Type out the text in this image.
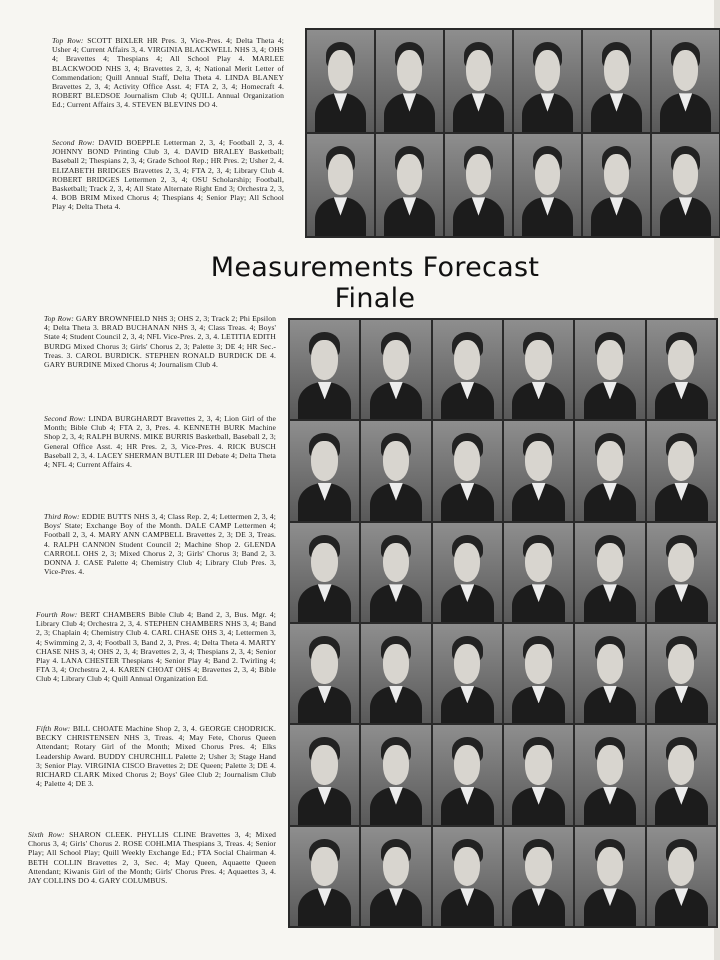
Top Row: SCOTT BIXLER HR Pres. 3, Vice-Pres. 4; Delta Theta 4; Usher 4; Current Affairs 3, 4. VIRGINIA BLACKWELL NHS 3, 4; OHS 4; Bravettes 4; Thespians 4; All School Play 4. MARLEE BLACKWOOD NHS 3, 4; Bravettes 2, 3, 4; National Merit Letter of Commendation; Quill Annual Staff, Delta Theta 4. LINDA BLANEY Bravettes 2, 3, 4; Activity Office Asst. 4; FTA 2, 3, 4; Homecraft 4. ROBERT BLEDSOE Journalism Club 4; QUILL Annual Organization Ed.; Current Affairs 3, 4. STEVEN BLEVINS DO 4.
Second Row: DAVID BOEPPLE Letterman 2, 3, 4; Football 2, 3, 4. JOHNNY BOND Printing Club 3, 4. DAVID BRALEY Basketball; Baseball 2; Thespians 2, 3, 4; Grade School Rep.; HR Pres. 2; Usher 2, 4. ELIZABETH BRIDGES Bravettes 2, 3, 4; FTA 2, 3, 4; Library Club 4. ROBERT BRIDGES Lettermen 2, 3, 4; OSU Scholarship; Football, Basketball; Track 2, 3, 4; All State Alternate Right End 3; Orchestra 2, 3, 4. BOB BRIM Mixed Chorus 4; Thespians 4; Senior Play; All School Play 4; Delta Theta 4.
Measurements Forecast Finale
Top Row: GARY BROWNFIELD NHS 3; OHS 2, 3; Track 2; Phi Epsilon 4; Delta Theta 3. BRAD BUCHANAN NHS 3, 4; Class Treas. 4; Boys' State 4; Student Council 2, 3, 4; NFL Vice-Pres. 2, 3, 4. LETITIA EDITH BURDG Mixed Chorus 3; Girls' Chorus 2, 3; Palette 3; DE 4; HR Sec.-Treas. 3. CAROL BURDICK. STEPHEN RONALD BURDICK DE 4. GARY BURDINE Mixed Chorus 4; Journalism Club 4.
Second Row: LINDA BURGHARDT Bravettes 2, 3, 4; Lion Girl of the Month; Bible Club 4; FTA 2, 3, Pres. 4. KENNETH BURK Machine Shop 2, 3, 4; RALPH BURNS. MIKE BURRIS Basketball, Baseball 2, 3; General Office Asst. 4; HR Pres. 2, 3, Vice-Pres. 4. RICK BUSCH Baseball 2, 3, 4. LACEY SHERMAN BUTLER III Debate 4; Delta Theta 4; NFL 4; Current Affairs 4.
Third Row: EDDIE BUTTS NHS 3, 4; Class Rep. 2, 4; Lettermen 2, 3, 4; Boys' State; Exchange Boy of the Month. DALE CAMP Lettermen 4; Football 2, 3, 4. MARY ANN CAMPBELL Bravettes 2, 3; DE 3, Treas. 4. RALPH CANNON Student Council 2; Machine Shop 2. GLENDA CARROLL OHS 2, 3; Mixed Chorus 2, 3; Girls' Chorus 3; Band 2, 3. DONNA J. CASE Palette 4; Chemistry Club 4; Library Club Pres. 3, Vice-Pres. 4.
Fourth Row: BERT CHAMBERS Bible Club 4; Band 2, 3, Bus. Mgr. 4; Library Club 4; Orchestra 2, 3, 4. STEPHEN CHAMBERS NHS 3, 4; Band 2, 3; Chaplain 4; Chemistry Club 4. CARL CHASE OHS 3, 4; Lettermen 3, 4; Swimming 2, 3, 4; Football 3, Band 2, 3, Pres. 4; Delta Theta 4. MARTY CHASE NHS 3, 4; OHS 2, 3, 4; Bravettes 2, 3, 4; Thespians 2, 3, 4; Senior Play 4. LANA CHESTER Thespians 4; Senior Play 4; Band 2. Twirling 4; FTA 3, 4; Orchestra 2, 4. KAREN CHOAT OHS 4; Bravettes 2, 3, 4; Bible Club 4; Library Club 4; Quill Annual Organization Ed.
Fifth Row: BILL CHOATE Machine Shop 2, 3, 4. GEORGE CHODRICK. BECKY CHRISTENSEN NHS 3, Treas. 4; May Fete, Chorus Queen Attendant; Rotary Girl of the Month; Mixed Chorus Pres. 4; Elks Leadership Award. BUDDY CHURCHILL Palette 2; Usher 3; Stage Hand 3; Senior Play. VIRGINIA CISCO Bravettes 2; DE Queen; Palette 3; DE 4. RICHARD CLARK Mixed Chorus 2; Boys' Glee Club 2; Journalism Club 4; Palette 4; DE 3.
Sixth Row: SHARON CLEEK. PHYLLIS CLINE Bravettes 3, 4; Mixed Chorus 3, 4; Girls' Chorus 2. ROSE COHLMIA Thespians 3, Treas. 4; Senior Play; All School Play; Quill Weekly Exchange Ed.; FTA Social Chairman 4. BETH COLLIN Bravettes 2, 3, Sec. 4; May Queen, Aquaette Queen Attendant; Kiwanis Girl of the Month; Girls' Chorus Pres. 4; Aquaettes 3, 4. JAY COLLINS DO 4. GARY COLUMBUS.
